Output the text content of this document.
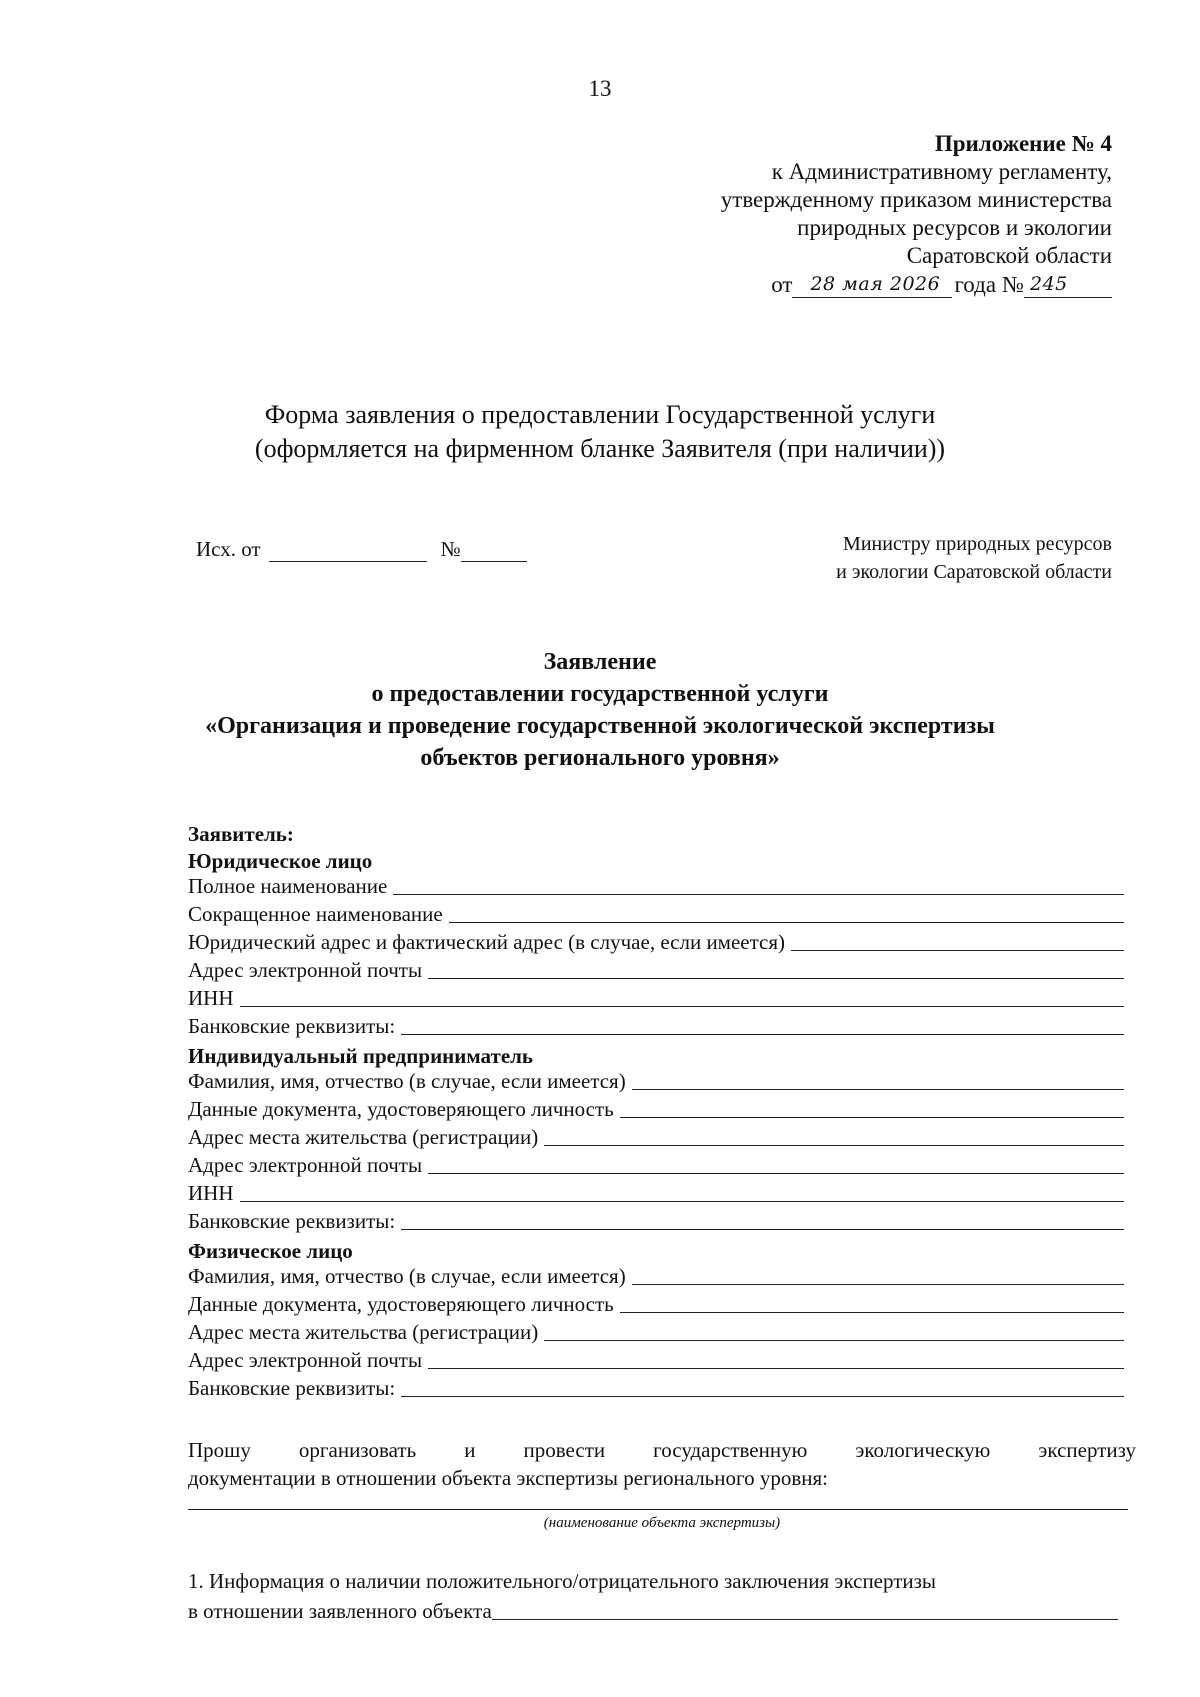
13
Приложение № 4
к Административному регламенту,
утвержденному приказом министерства
природных ресурсов и экологии
Саратовской области
от 28 мая 2026 года № 245
Форма заявления о предоставлении Государственной услуги
(оформляется на фирменном бланке Заявителя (при наличии))
Исх. от	№	Министру природных ресурсов
и экологии Саратовской области
Заявление
о предоставлении государственной услуги
«Организация и проведение государственной экологической экспертизы
объектов регионального уровня»
Заявитель:
Юридическое лицо
Полное наименование
Сокращенное наименование
Юридический адрес и фактический адрес (в случае, если имеется)
Адрес электронной почты
ИНН
Банковские реквизиты:
Индивидуальный предприниматель
Фамилия, имя, отчество (в случае, если имеется)
Данные документа, удостоверяющего личность
Адрес места жительства (регистрации)
Адрес электронной почты
ИНН
Банковские реквизиты:
Физическое лицо
Фамилия, имя, отчество (в случае, если имеется)
Данные документа, удостоверяющего личность
Адрес места жительства (регистрации)
Адрес электронной почты
Банковские реквизиты:
Прошу организовать и провести государственную экологическую экспертизу
документации в отношении объекта экспертизы регионального уровня:
(наименование объекта экспертизы)
1. Информация о наличии положительного/отрицательного заключения экспертизы
в отношении заявленного объекта
